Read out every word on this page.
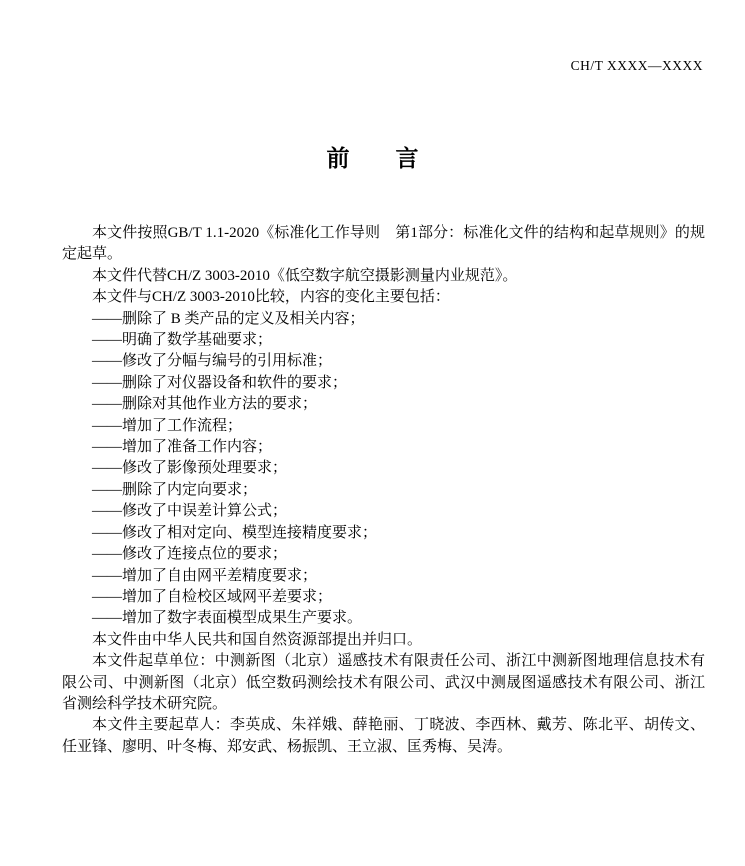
CH/T XXXX—XXXX
前　　言

本文件按照GB/T 1.1-2020《标准化工作导则　第1部分：标准化文件的结构和起草规则》的规定起草。

本文件代替CH/Z 3003-2010《低空数字航空摄影测量内业规范》。

本文件与CH/Z 3003-2010比较，内容的变化主要包括：

——删除了 B 类产品的定义及相关内容；

——明确了数学基础要求；

——修改了分幅与编号的引用标准；

——删除了对仪器设备和软件的要求；

——删除对其他作业方法的要求；

——增加了工作流程；

——增加了准备工作内容；

——修改了影像预处理要求；

——删除了内定向要求；

——修改了中误差计算公式；

——修改了相对定向、模型连接精度要求；

——修改了连接点位的要求；

——增加了自由网平差精度要求；

——增加了自检校区域网平差要求；

——增加了数字表面模型成果生产要求。

本文件由中华人民共和国自然资源部提出并归口。

本文件起草单位：中测新图（北京）遥感技术有限责任公司、浙江中测新图地理信息技术有限公司、中测新图（北京）低空数码测绘技术有限公司、武汉中测晟图遥感技术有限公司、浙江省测绘科学技术研究院。

本文件主要起草人：李英成、朱祥娥、薛艳丽、丁晓波、李西林、戴芳、陈北平、胡传文、任亚锋、廖明、叶冬梅、郑安武、杨振凯、王立淑、匡秀梅、吴涛。
